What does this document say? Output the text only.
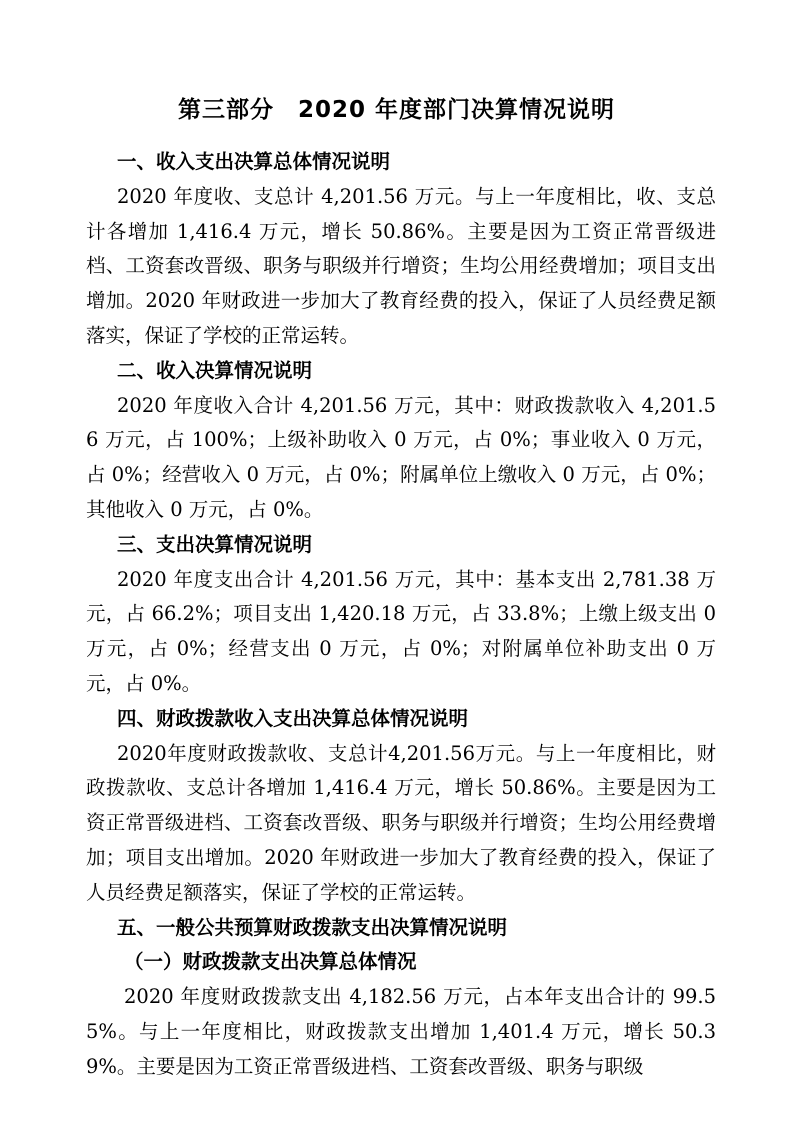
第三部分　2020 年度部门决算情况说明

一、收入支出决算总体情况说明

2020 年度收、支总计 4,201.56 万元。与上一年度相比，收、支总计各增加 1,416.4 万元，增长 50.86%。主要是因为工资正常晋级进档、工资套改晋级、职务与职级并行增资；生均公用经费增加；项目支出增加。2020 年财政进一步加大了教育经费的投入，保证了人员经费足额落实，保证了学校的正常运转。

二、收入决算情况说明

2020 年度收入合计 4,201.56 万元，其中：财政拨款收入 4,201.56 万元，占 100%；上级补助收入 0 万元，占 0%；事业收入 0 万元，占 0%；经营收入 0 万元，占 0%；附属单位上缴收入 0 万元，占 0%；其他收入 0 万元，占 0%。

三、支出决算情况说明

2020 年度支出合计 4,201.56 万元，其中：基本支出 2,781.38 万元，占 66.2%；项目支出 1,420.18 万元，占 33.8%；上缴上级支出 0 万元，占 0%；经营支出 0 万元，占 0%；对附属单位补助支出 0 万元，占 0%。

四、财政拨款收入支出决算总体情况说明

2020年度财政拨款收、支总计4,201.56万元。与上一年度相比，财政拨款收、支总计各增加 1,416.4 万元，增长 50.86%。主要是因为工资正常晋级进档、工资套改晋级、职务与职级并行增资；生均公用经费增加；项目支出增加。2020 年财政进一步加大了教育经费的投入，保证了人员经费足额落实，保证了学校的正常运转。

五、一般公共预算财政拨款支出决算情况说明

（一）财政拨款支出决算总体情况

2020 年度财政拨款支出 4,182.56 万元，占本年支出合计的 99.55%。与上一年度相比，财政拨款支出增加 1,401.4 万元，增长 50.39%。主要是因为工资正常晋级进档、工资套改晋级、职务与职级
